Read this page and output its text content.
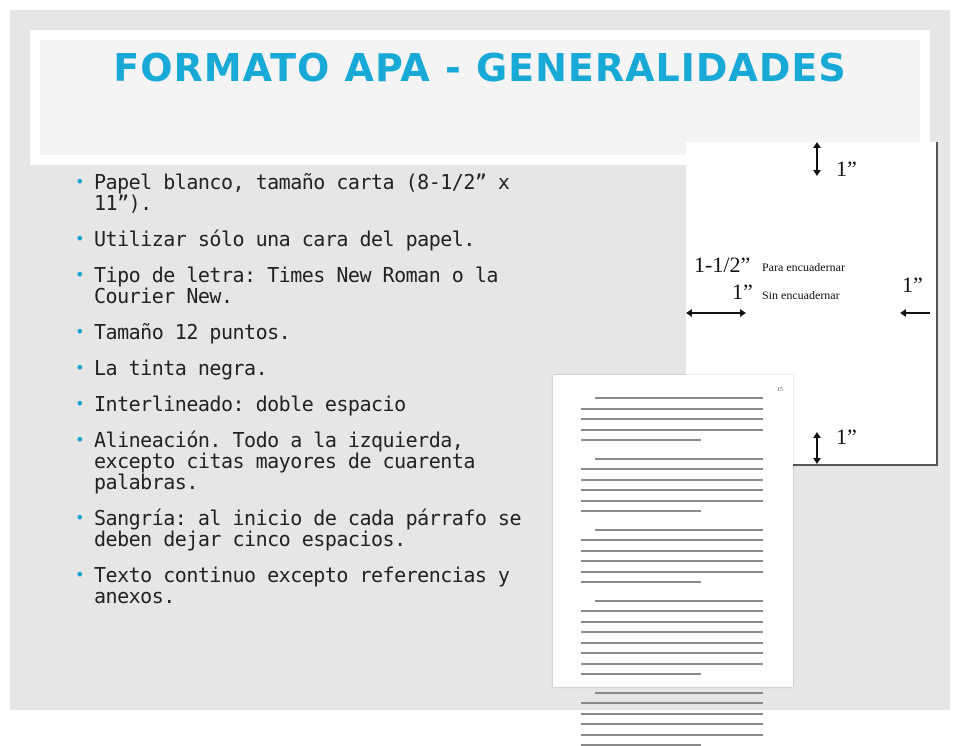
FORMATO APA - GENERALIDADES
• Papel blanco, tamaño carta (8-1/2” x 11”).
• Utilizar sólo una cara del papel.
• Tipo de letra: Times New Roman o la Courier New.
• Tamaño 12 puntos.
• La tinta negra.
• Interlineado: doble espacio
• Alineación. Todo a la izquierda, excepto citas mayores de cuarenta palabras.
• Sangría: al inicio de cada párrafo se deben dejar cinco espacios.
• Texto continuo excepto referencias y anexos.
1”
1-1/2” Para encuadernar
1” Sin encuadernar	1”
1”
15
